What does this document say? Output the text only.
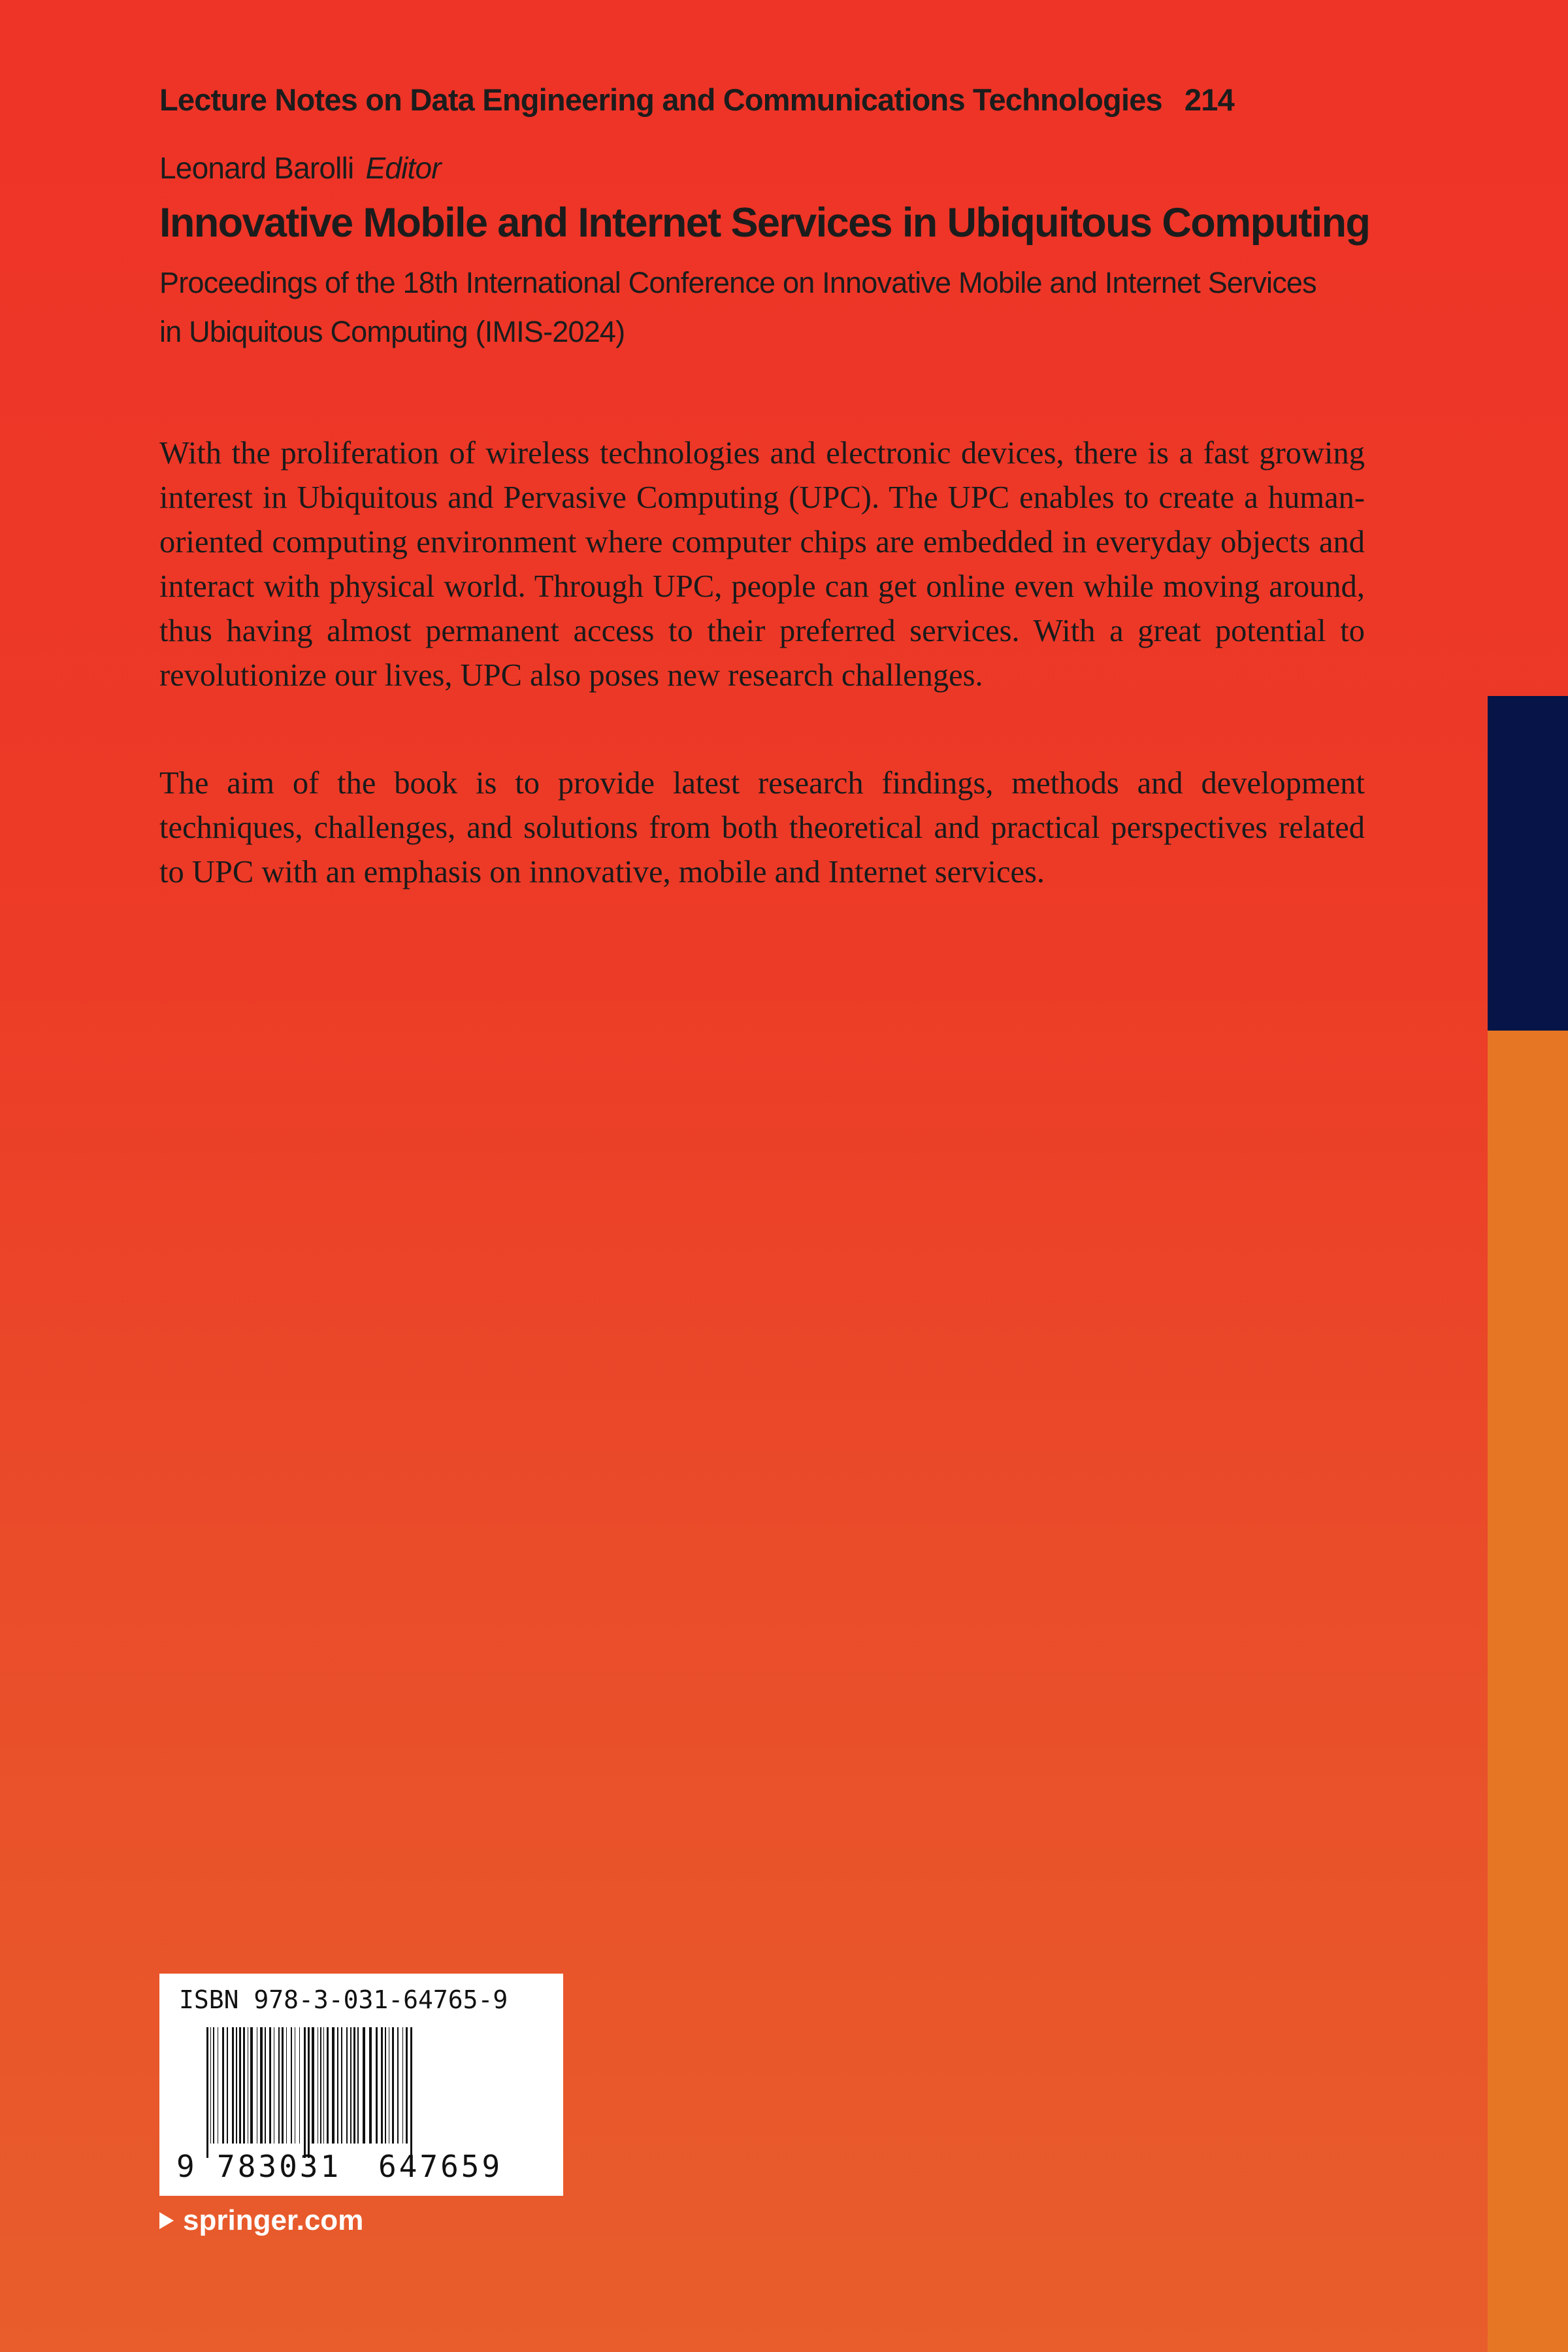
Lecture Notes on Data Engineering and Communications Technologies 214
Leonard Barolli Editor
Innovative Mobile and Internet Services in Ubiquitous Computing
Proceedings of the 18th International Conference on Innovative Mobile and Internet Services in Ubiquitous Computing (IMIS-2024)

With the proliferation of wireless technologies and electronic devices, there is a fast growing interest in Ubiquitous and Pervasive Computing (UPC). The UPC enables to create a human-oriented computing environment where computer chips are embedded in everyday objects and interact with physical world. Through UPC, people can get online even while moving around, thus having almost permanent access to their preferred services. With a great potential to revolutionize our lives, UPC also poses new research challenges.

The aim of the book is to provide latest research findings, methods and development techniques, challenges, and solutions from both theoretical and practical perspectives related to UPC with an emphasis on innovative, mobile and Internet services.

ISBN 978-3-031-64765-9
9 783031 647659
springer.com
